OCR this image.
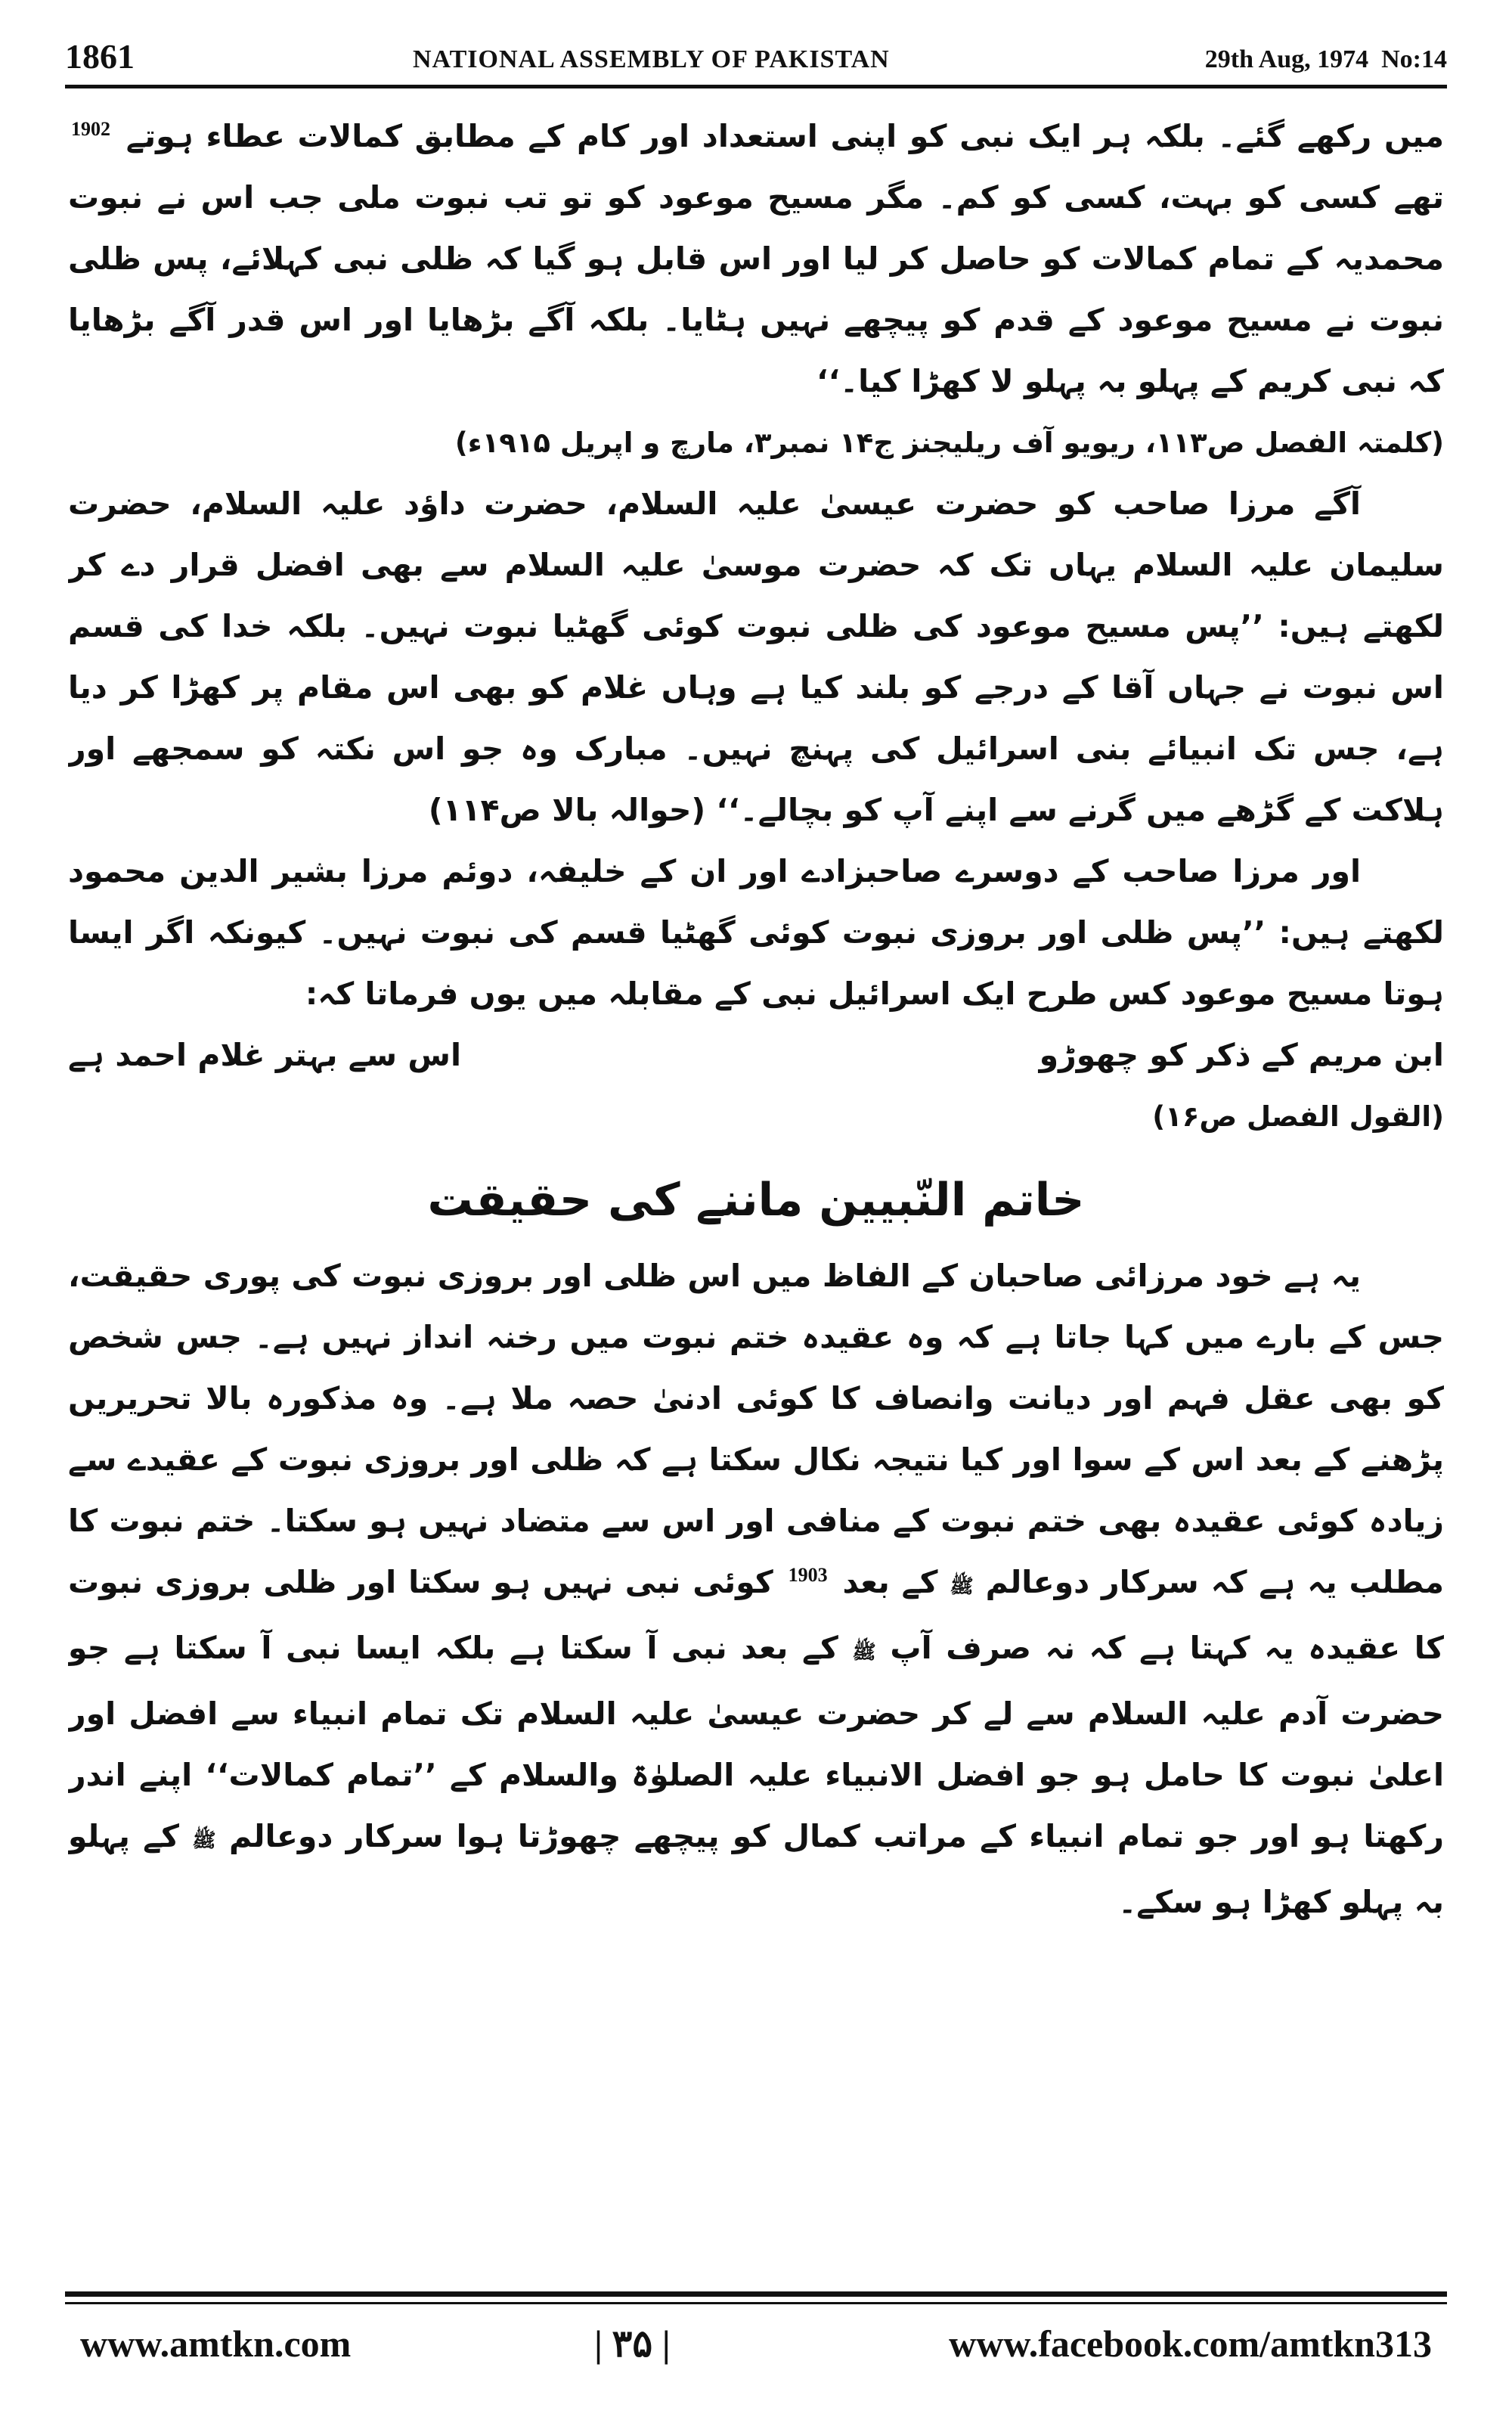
1861	NATIONAL ASSEMBLY OF PAKISTAN	29th Aug, 1974 No:14

میں رکھے گئے۔ بلکہ ہر ایک نبی کو اپنی استعداد اور کام کے مطابق کمالات عطاء ہوتے $^{1902}$ تھے کسی کو بہت، کسی کو کم۔ مگر مسیح موعود کو تو تب نبوت ملی جب اس نے نبوت محمدیہ کے تمام کمالات کو حاصل کر لیا اور اس قابل ہو گیا کہ ظلی نبی کہلائے، پس ظلی نبوت نے مسیح موعود کے قدم کو پیچھے نہیں ہٹایا۔ بلکہ آگے بڑھایا اور اس قدر آگے بڑھایا کہ نبی کریم کے پہلو بہ پہلو لا کھڑا کیا۔‘‘

(کلمتہ الفصل ص۱۱۳، ریویو آف ریلیجنز ج۱۴ نمبر۳، مارچ و اپریل ۱۹۱۵ء)

آگے مرزا صاحب کو حضرت عیسیٰ علیہ السلام، حضرت داؤد علیہ السلام، حضرت سلیمان علیہ السلام یہاں تک کہ حضرت موسیٰ علیہ السلام سے بھی افضل قرار دے کر لکھتے ہیں: ’’پس مسیح موعود کی ظلی نبوت کوئی گھٹیا نبوت نہیں۔ بلکہ خدا کی قسم اس نبوت نے جہاں آقا کے درجے کو بلند کیا ہے وہاں غلام کو بھی اس مقام پر کھڑا کر دیا ہے، جس تک انبیائے بنی اسرائیل کی پہنچ نہیں۔ مبارک وہ جو اس نکتہ کو سمجھے اور ہلاکت کے گڑھے میں گرنے سے اپنے آپ کو بچالے۔‘‘ (حوالہ بالا ص۱۱۴)

اور مرزا صاحب کے دوسرے صاحبزادے اور ان کے خلیفہ، دوئم مرزا بشیر الدین محمود لکھتے ہیں: ’’پس ظلی اور بروزی نبوت کوئی گھٹیا قسم کی نبوت نہیں۔ کیونکہ اگر ایسا ہوتا مسیح موعود کس طرح ایک اسرائیل نبی کے مقابلہ میں یوں فرماتا کہ:

ابن مریم کے ذکر کو چھوڑو
اس سے بہتر غلام احمد ہے

(القول الفصل ص۱۶)

خاتم النّبیین ماننے کی حقیقت

یہ ہے خود مرزائی صاحبان کے الفاظ میں اس ظلی اور بروزی نبوت کی پوری حقیقت، جس کے بارے میں کہا جاتا ہے کہ وہ عقیدہ ختم نبوت میں رخنہ انداز نہیں ہے۔ جس شخص کو بھی عقل فہم اور دیانت وانصاف کا کوئی ادنیٰ حصہ ملا ہے۔ وہ مذکورہ بالا تحریریں پڑھنے کے بعد اس کے سوا اور کیا نتیجہ نکال سکتا ہے کہ ظلی اور بروزی نبوت کے عقیدے سے زیادہ کوئی عقیدہ بھی ختم نبوت کے منافی اور اس سے متضاد نہیں ہو سکتا۔ ختم نبوت کا مطلب یہ ہے کہ سرکار دوعالم ﷺ کے بعد $^{1903}$ کوئی نبی نہیں ہو سکتا اور ظلی بروزی نبوت کا عقیدہ یہ کہتا ہے کہ نہ صرف آپ ﷺ کے بعد نبی آ سکتا ہے بلکہ ایسا نبی آ سکتا ہے جو حضرت آدم علیہ السلام سے لے کر حضرت عیسیٰ علیہ السلام تک تمام انبیاء سے افضل اور اعلیٰ نبوت کا حامل ہو جو افضل الانبیاء علیہ الصلوٰۃ والسلام کے ’’تمام کمالات‘‘ اپنے اندر رکھتا ہو اور جو تمام انبیاء کے مراتب کمال کو پیچھے چھوڑتا ہوا سرکار دوعالم ﷺ کے پہلو بہ پہلو کھڑا ہو سکے۔

www.amtkn.com	| ۳۵ |	www.facebook.com/amtkn313
